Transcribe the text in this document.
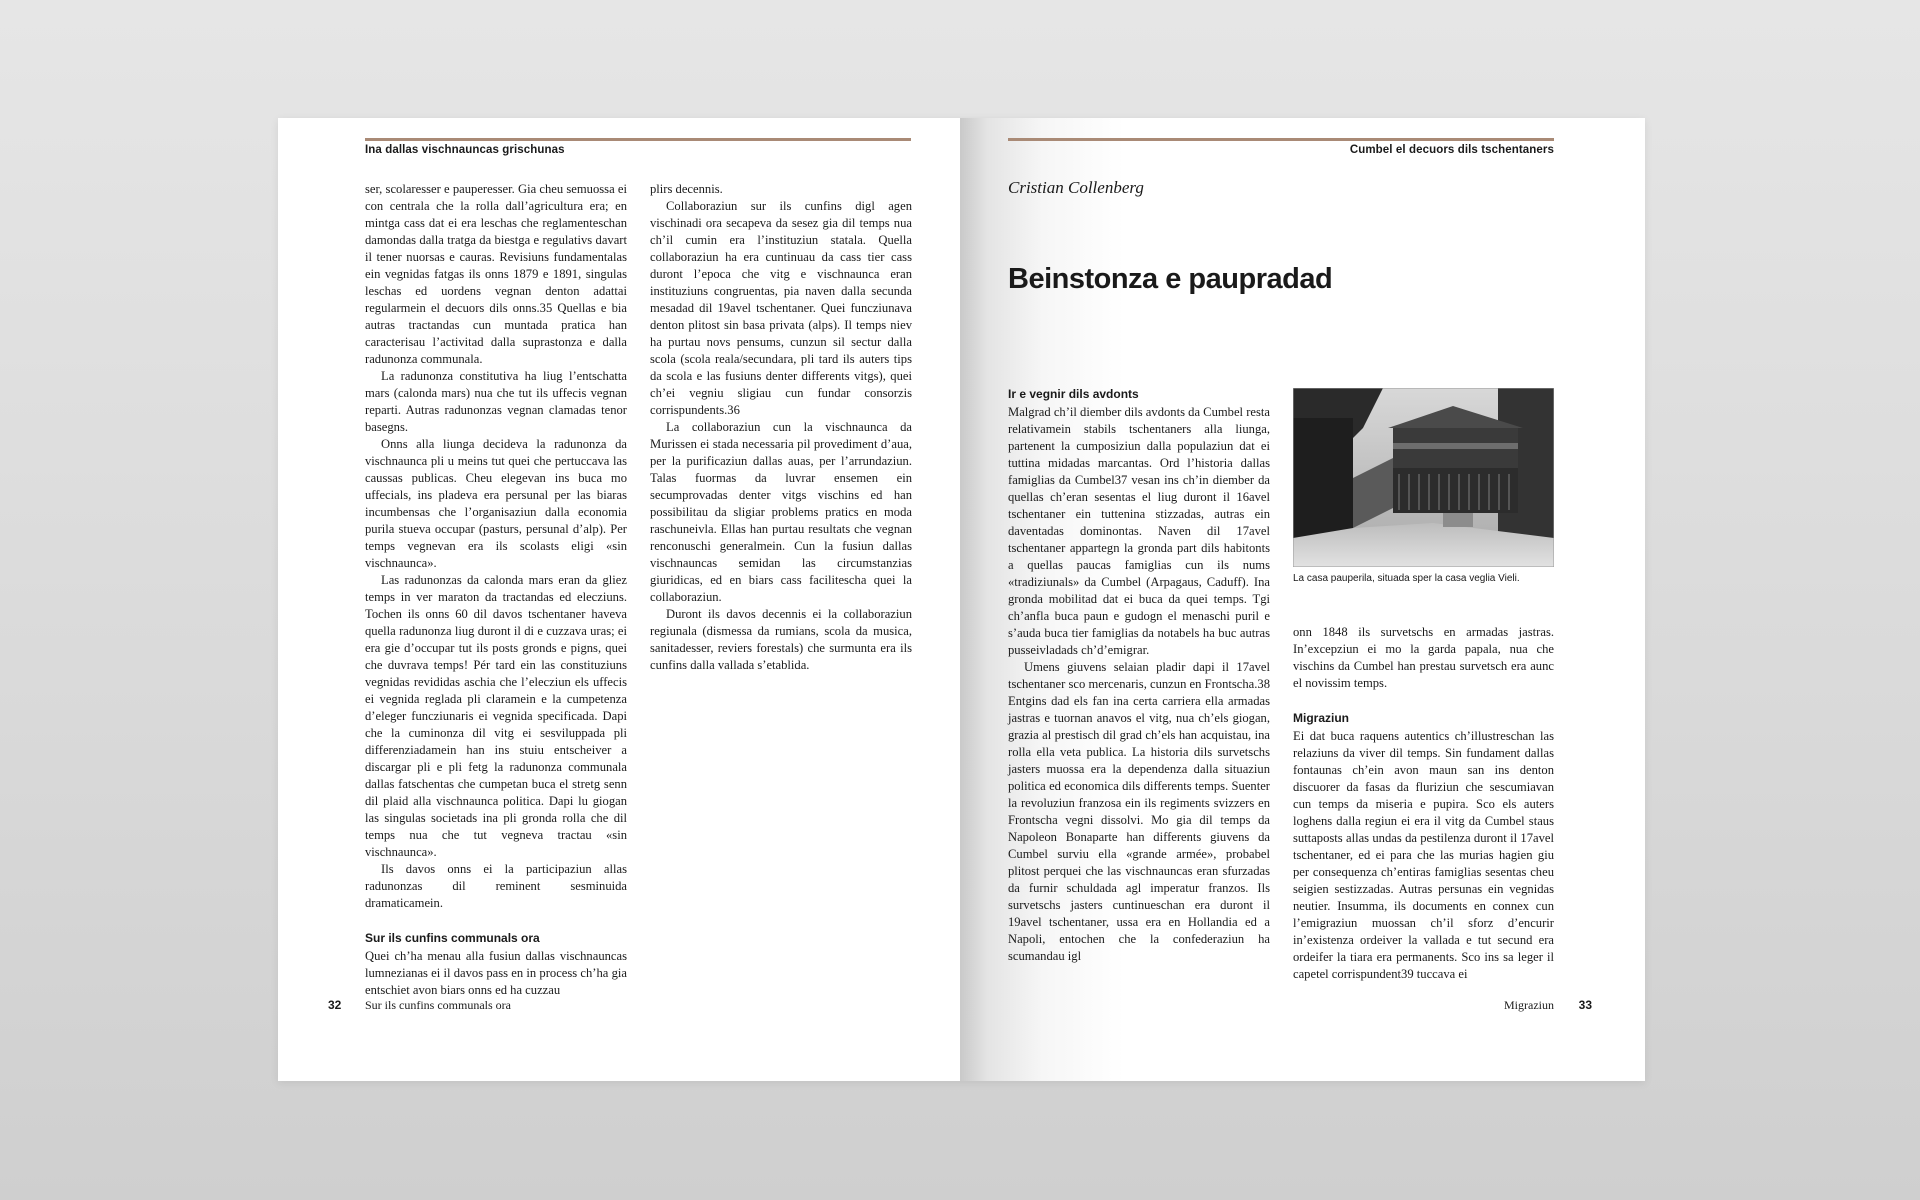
Ina dallas vischnauncas grischunas

ser, scolaresser e pauperesser. Gia cheu semuossa ei con centrala che la rolla dall’agricultura era; en mintga cass dat ei era leschas che reglamenteschan damondas dalla tratga da biestga e regulativs davart il tener nuorsas e cauras. Revisiuns fundamentalas ein vegnidas fatgas ils onns 1879 e 1891, singulas leschas ed uordens vegnan denton adattai regularmein el decuors dils onns.35 Quellas e bia autras tractandas cun muntada pratica han caracterisau l’activitad dalla suprastonza e dalla radunonza communala.

La radunonza constitutiva ha liug l’entschatta mars (calonda mars) nua che tut ils uffecis vegnan reparti. Autras radunonzas vegnan clamadas tenor basegns.

Onns alla liunga decideva la radunonza da vischnaunca pli u meins tut quei che pertuccava las caussas publicas. Cheu elegevan ins buca mo uffecials, ins pladeva era persunal per las biaras incumbensas che l’organisaziun dalla economia purila stueva occupar (pasturs, persunal d’alp). Per temps vegnevan era ils scolasts eligi «sin vischnaunca».

Las radunonzas da calonda mars eran da gliez temps in ver maraton da tractandas ed elecziuns. Tochen ils onns 60 dil davos tschentaner haveva quella radunonza liug duront il di e cuzzava uras; ei era gie d’occupar tut ils posts gronds e pigns, quei che duvrava temps! Pér tard ein las constituziuns vegnidas revididas aschia che l’elecziun els uffecis ei vegnida reglada pli claramein e la cumpetenza d’eleger funcziunaris ei vegnida specificada. Dapi che la cuminonza dil vitg ei sesviluppada pli differenziadamein han ins stuiu entscheiver a discargar pli e pli fetg la radunonza communala dallas fatschentas che cumpetan buca el stretg senn dil plaid alla vischnaunca politica. Dapi lu giogan las singulas societads ina pli gronda rolla che dil temps nua che tut vegneva tractau «sin vischnaunca».

Ils davos onns ei la participaziun allas radunonzas dil reminent sesminuida dramaticamein.

Sur ils cunfins communals ora

Quei ch’ha menau alla fusiun dallas vischnauncas lumnezianas ei il davos pass en in process ch’ha gia entschiet avon biars onns ed ha cuzzau

plirs decennis.

Collaboraziun sur ils cunfins digl agen vischinadi ora secapeva da sesez gia dil temps nua ch’il cumin era l’instituziun statala. Quella collaboraziun ha era cuntinuau da cass tier cass duront l’epoca che vitg e vischnaunca eran instituziuns congruentas, pia naven dalla secunda mesadad dil 19avel tschentaner. Quei funcziunava denton plitost sin basa privata (alps). Il temps niev ha purtau novs pensums, cunzun sil sectur dalla scola (scola reala/secundara, pli tard ils auters tips da scola e las fusiuns denter differents vitgs), quei ch’ei vegniu sligiau cun fundar consorzis corrispundents.36

La collaboraziun cun la vischnaunca da Murissen ei stada necessaria pil provediment d’aua, per la purificaziun dallas auas, per l’arrundaziun. Talas fuormas da luvrar ensemen ein secumprovadas denter vitgs vischins ed han possibilitau da sligiar problems pratics en moda raschuneivla. Ellas han purtau resultats che vegnan renconuschi generalmein. Cun la fusiun dallas vischnauncas semidan las circumstanzias giuridicas, ed en biars cass facilitescha quei la collaboraziun.

Duront ils davos decennis ei la collaboraziun regiunala (dismessa da rumians, scola da musica, sanitadesser, reviers forestals) che surmunta era ils cunfins dalla vallada s’etablida.

32 Sur ils cunfins communals ora
Cumbel el decuors dils tschentaners
Cristian Collenberg
Beinstonza e paupradad
Ir e vegnir dils avdonts

Malgrad ch’il diember dils avdonts da Cumbel resta relativamein stabils tschentaners alla liunga, partenent la cumposiziun dalla populaziun dat ei tuttina midadas marcantas. Ord l’historia dallas famiglias da Cumbel37 vesan ins ch’in diember da quellas ch’eran sesentas el liug duront il 16avel tschentaner ein tuttenina stizzadas, autras ein daventadas dominontas. Naven dil 17avel tschentaner appartegn la gronda part dils habitonts a quellas paucas famiglias cun ils nums «tradiziunals» da Cumbel (Arpagaus, Caduff). Ina gronda mobilitad dat ei buca da quei temps. Tgi ch’anfla buca paun e gudogn el menaschi puril e s’auda buca tier famiglias da notabels ha buc autras pusseivladads ch’d’emigrar.

Umens giuvens selaian pladir dapi il 17avel tschentaner sco mercenaris, cunzun en Frontscha.38 Entgins dad els fan ina certa carriera ella armadas jastras e tuornan anavos el vitg, nua ch’els giogan, grazia al prestisch dil grad ch’els han acquistau, ina rolla ella veta publica. La historia dils survetschs jasters muossa era la dependenza dalla situaziun politica ed economica dils differents temps. Suenter la revoluziun franzosa ein ils regiments svizzers en Frontscha vegni dissolvi. Mo gia dil temps da Napoleon Bonaparte han differents giuvens da Cumbel surviu ella «grande armée», probabel plitost perquei che las vischnauncas eran sfurzadas da furnir schuldada agl imperatur franzos. Ils survetschs jasters cuntinueschan era duront il 19avel tschentaner, ussa era en Hollandia ed a Napoli, entochen che la confederaziun ha scumandau igl

La casa pauperila, situada sper la casa veglia Vieli.

onn 1848 ils survetschs en armadas jastras. In’excepziun ei mo la garda papala, nua che vischins da Cumbel han prestau survetsch era aunc el novissim temps.

Migraziun

Ei dat buca raquens autentics ch’illustreschan las relaziuns da viver dil temps. Sin fundament dallas fontaunas ch’ein avon maun san ins denton discuorer da fasas da fluriziun che sescumiavan cun temps da miseria e pupira. Sco els auters loghens dalla regiun ei era il vitg da Cumbel staus suttaposts allas undas da pestilenza duront il 17avel tschentaner, ed ei para che las murias hagien giu per consequenza ch’entiras famiglias sesentas cheu seigien sestizzadas. Autras persunas ein vegnidas neutier. Insumma, ils documents en connex cun l’emigraziun muossan ch’il sforz d’encurir in’existenza ordeiver la vallada e tut secund era ordeifer la tiara era permanents. Sco ins sa leger il capetel corrispundent39 tuccava ei

Migraziun 33
